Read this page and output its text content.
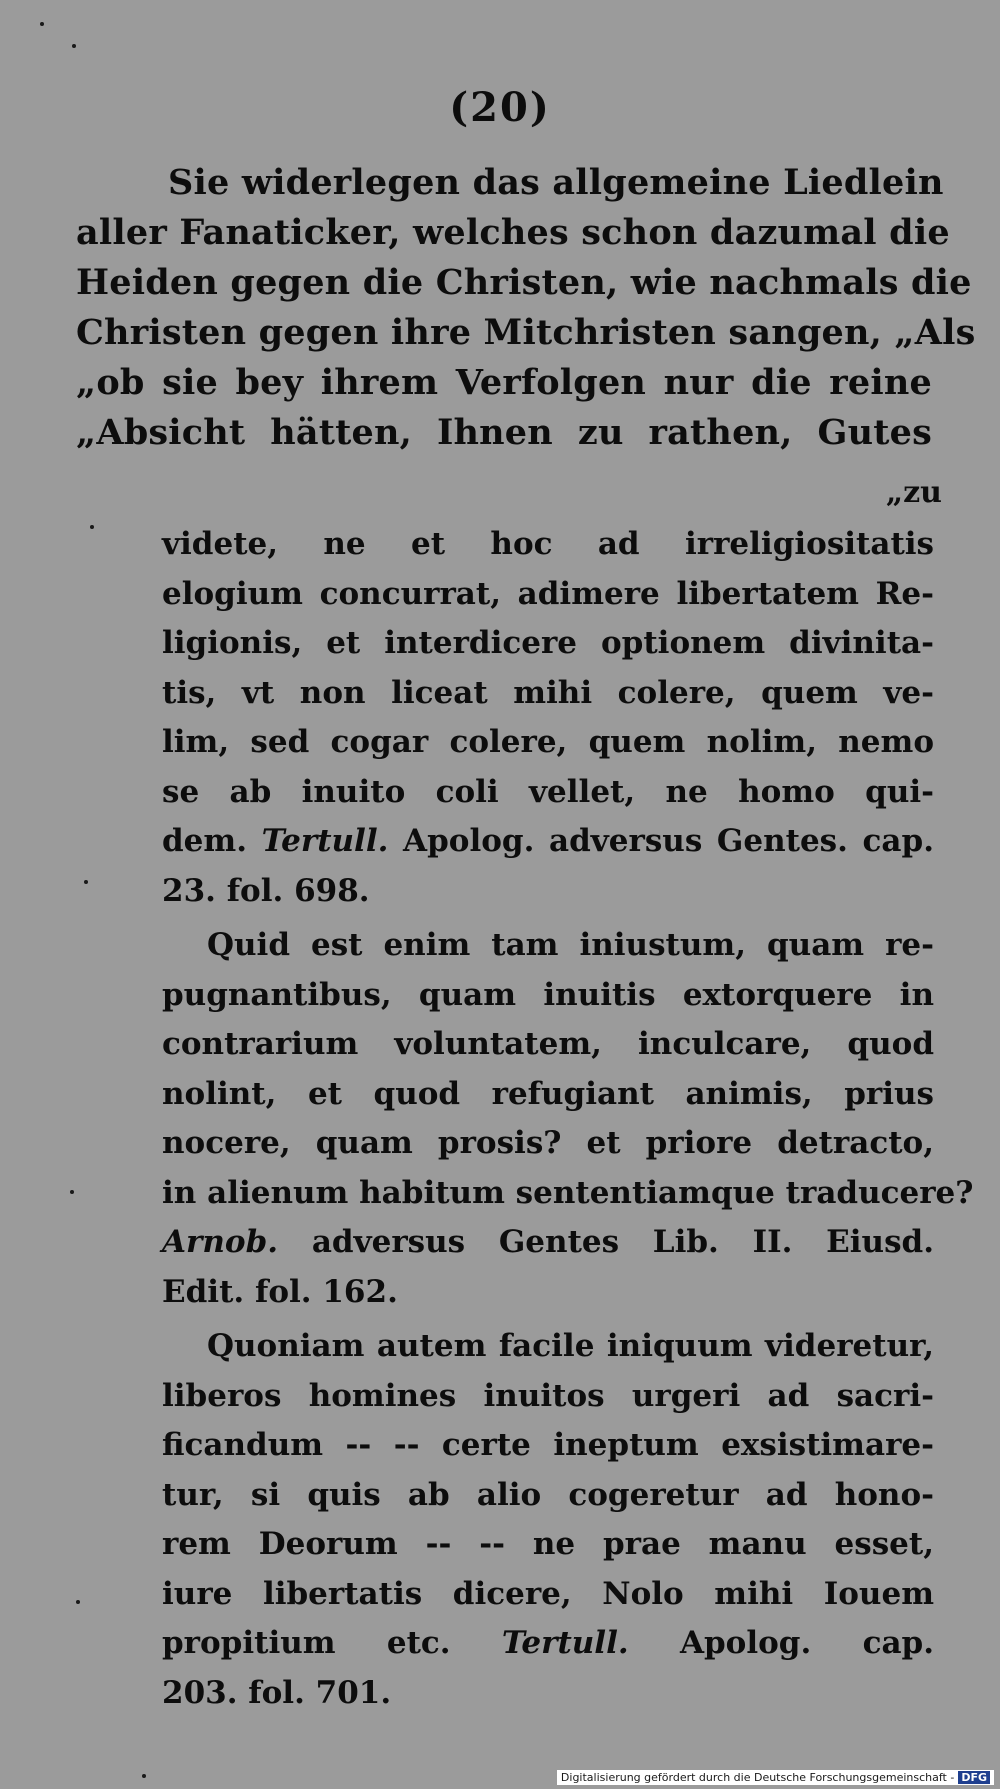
(20)
Sie widerlegen das allgemeine Liedlein
aller Fanaticker, welches schon dazumal die
Heiden gegen die Christen, wie nachmals die
Christen gegen ihre Mitchristen sangen, „Als
„ob sie bey ihrem Verfolgen nur die reine
„Absicht hätten, Ihnen zu rathen, Gutes
„zu

videte, ne et hoc ad irreligiositatis
elogium concurrat, adimere libertatem Re-
ligionis, et interdicere optionem divinita-
tis, vt non liceat mihi colere, quem ve-
lim, sed cogar colere, quem nolim, nemo
se ab inuito coli vellet, ne homo qui-
dem. Tertull. Apolog. adversus Gentes. cap.
23. fol. 698.

Quid est enim tam iniustum, quam re-
pugnantibus, quam inuitis extorquere in
contrarium voluntatem, inculcare, quod
nolint, et quod refugiant animis, prius
nocere, quam prosis? et priore detracto,
in alienum habitum sententiamque traducere?
Arnob. adversus Gentes Lib. II. Eiusd.
Edit. fol. 162.

Quoniam autem facile iniquum videretur,
liberos homines inuitos urgeri ad sacri-
ficandum -- -- certe ineptum exsistimare-
tur, si quis ab alio cogeretur ad hono-
rem Deorum -- -- ne prae manu esset,
iure libertatis dicere, Nolo mihi Iouem
propitium etc. Tertull. Apolog. cap.
203. fol. 701.

Digitalisierung gefördert durch die Deutsche Forschungsgemeinschaft - DFG
